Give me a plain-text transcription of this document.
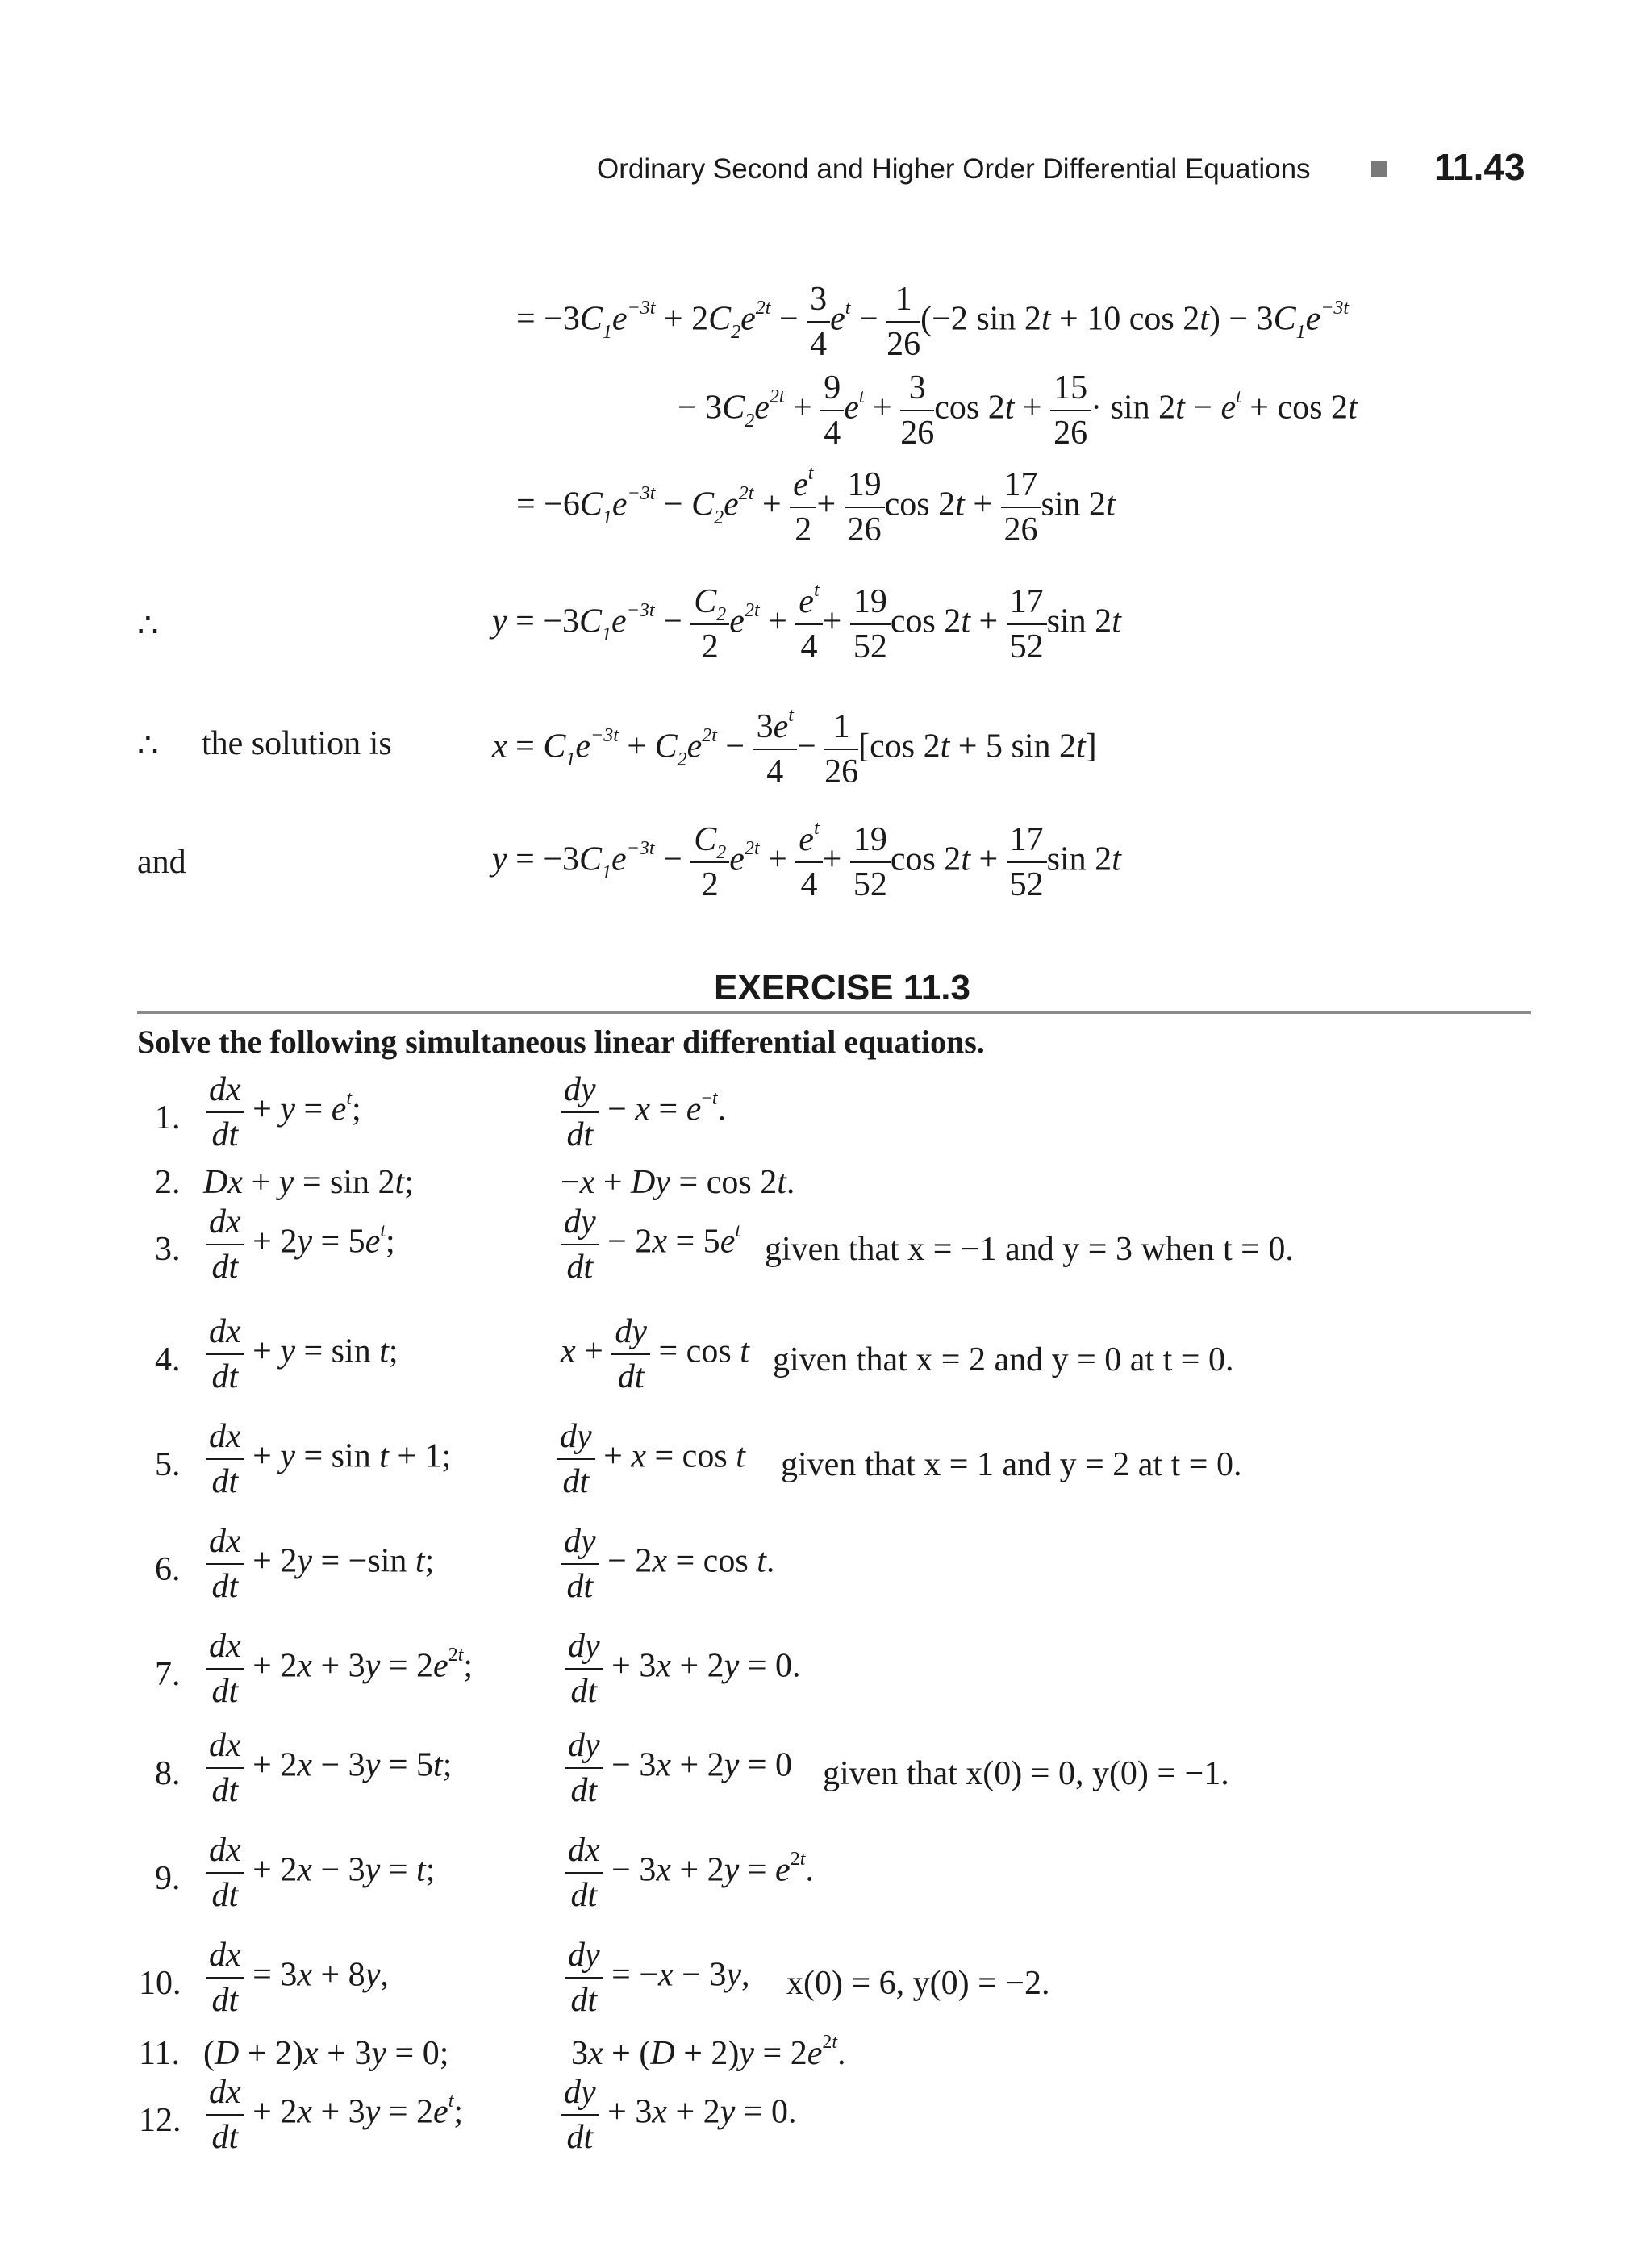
Ordinary Second and Higher Order Differential Equations	11.43
= $-3C_1e^{-3t} + 2C_2e^{2t} - \frac{3}{4} e^t - \frac{1}{26} (-2$ sin 2t + 10 $\cos 2t) - 3C_1e^{-3t}$
− $3C_2e^{2t} + \frac{9}{4} e^t + \frac{3}{26}$ $\cos 2t + \frac{15}{26} \cdot \sin 2t - e^t + \cos 2t$
= $-6C_1e^{-3t} - C_2e^{2t} + \frac{e^t}{2} + \frac{19}{26}$ $\cos 2t + \frac{17}{26}$ sin 2t
∴	$y = -3C_1e^{-3t} - \frac{C_2}{2} e^{2t} + \frac{e^t}{4} + \frac{19}{52}$ $\cos 2t + \frac{17}{52}$ sin 2t
∴ the solution is	$x = C_1e^{-3t} + C_2e^{2t} - \frac{3e^t}{4} - \frac{1}{26} [\cos$ 2t + 5 sin 2t]
and	$y = -3C_1e^{-3t} - \frac{C_2}{2} e^{2t} + \frac{e^t}{4} + \frac{19}{52}$ $\cos 2t + \frac{17}{52}$ sin 2t
EXERCISE 11.3
Solve the following simultaneous linear differential equations.
1. $\frac{dx}{dt} + y = e^t$;	$\frac{dy}{dt} - x = e^{-t}$.
2. Dx + y = sin 2t;	−x + Dy = cos 2t.
3. $\frac{dx}{dt} + 2y = 5e^t$;	$\frac{dy}{dt} - 2x = 5e^t$
given that x = −1 and y = 3 when t = 0.
4. $\frac{dx}{dt} + y = \sin t$;	$x + \frac{dy}{dt} = \cos t$ given that x = 2 and y = 0 at t = 0.
5. $\frac{dx}{dt} + y = \sin t + 1$;	$\frac{dy}{dt} + x = \cos t$ given that x = 1 and y = 2 at t = 0.
6. $\frac{dx}{dt} + 2y = -\sin$ t;	$\frac{dy}{dt} - 2x = \cos t$.
7. $\frac{dx}{dt} + 2x + 3y = 2e^{2t}$;	$\frac{dy}{dt} + 3x + 2y = 0$.
8. $\frac{dx}{dt} + 2x - 3y = 5t$;	$\frac{dy}{dt} - 3x + 2y = 0$ given that x(0) = 0, y(0) = −1.
9. $\frac{dx}{dt} + 2x - 3y = t$;	$\frac{dx}{dt} - 3x + 2y = e^{2t}$.
10. $\frac{dx}{dt} = 3x + 8y$,	$\frac{dy}{dt} = -x - 3y$, x(0) = 6, y(0) = −2.
11. (D + 2)x + 3y = 0;	$3x + (D + 2)y = 2e^{2t}$.
12. $\frac{dx}{dt} + 2x + 3y = 2e^t$;	$\frac{dy}{dt} + 3x + 2y = 0$.
